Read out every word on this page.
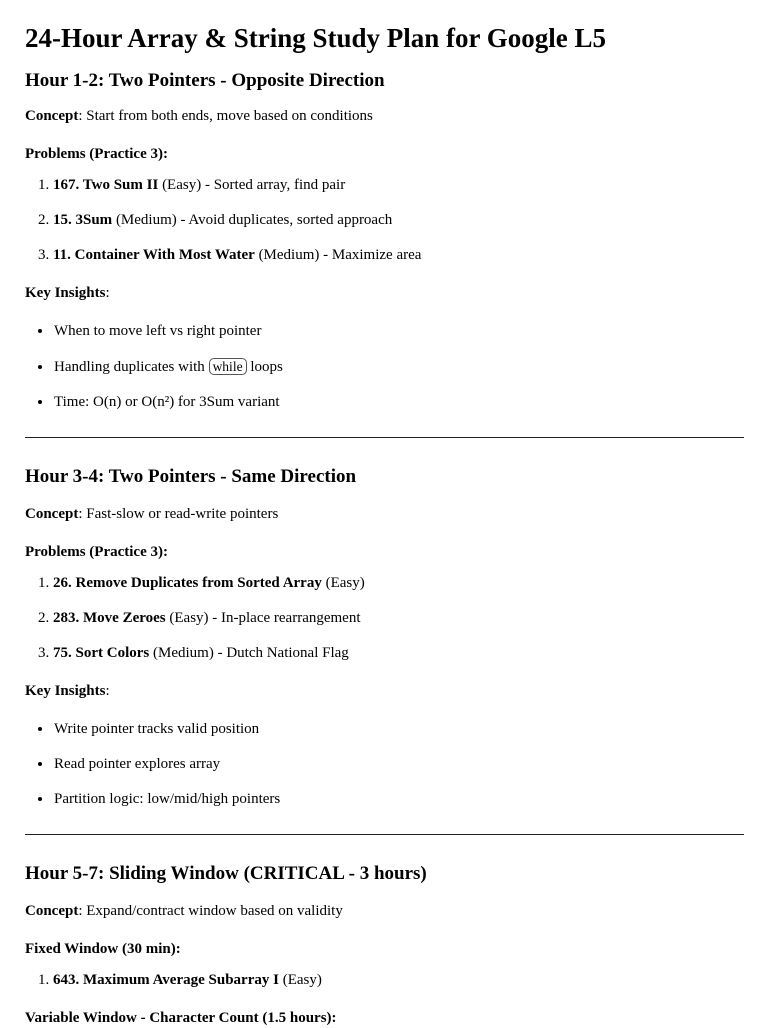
24-Hour Array & String Study Plan for Google L5
Hour 1-2: Two Pointers - Opposite Direction

Concept: Start from both ends, move based on conditions

Problems (Practice 3):

1. 167. Two Sum II (Easy) - Sorted array, find pair
2. 15. 3Sum (Medium) - Avoid duplicates, sorted approach
3. 11. Container With Most Water (Medium) - Maximize area

Key Insights:

• When to move left vs right pointer
• Handling duplicates with while loops
• Time: O(n) or O(n²) for 3Sum variant
Hour 3-4: Two Pointers - Same Direction

Concept: Fast-slow or read-write pointers

Problems (Practice 3):

1. 26. Remove Duplicates from Sorted Array (Easy)
2. 283. Move Zeroes (Easy) - In-place rearrangement
3. 75. Sort Colors (Medium) - Dutch National Flag

Key Insights:

• Write pointer tracks valid position
• Read pointer explores array
• Partition logic: low/mid/high pointers
Hour 5-7: Sliding Window (CRITICAL - 3 hours)

Concept: Expand/contract window based on validity

Fixed Window (30 min):

1. 643. Maximum Average Subarray I (Easy)

Variable Window - Character Count (1.5 hours):
